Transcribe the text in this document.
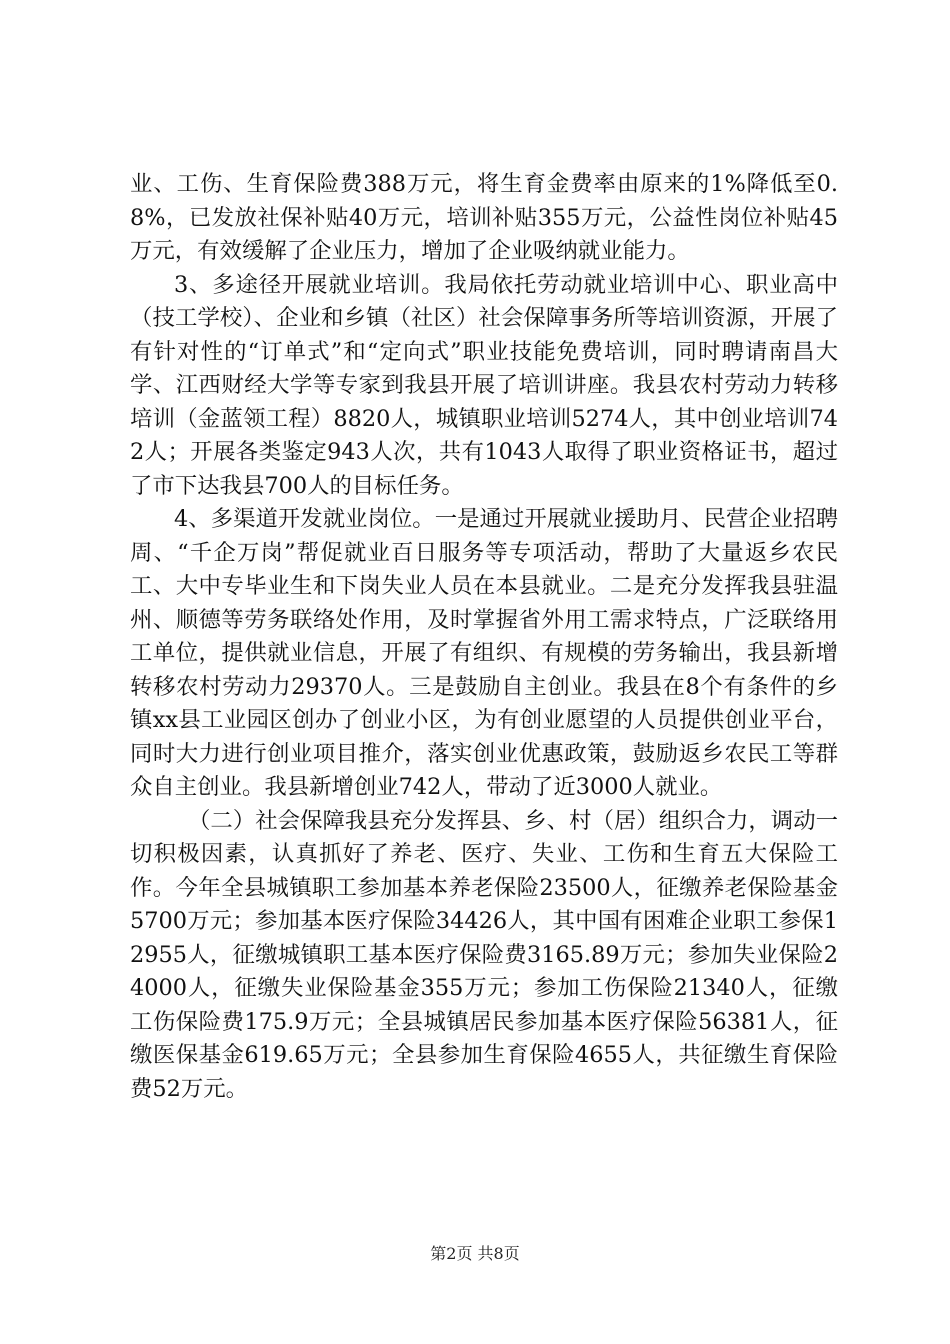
业、工伤、生育保险费388万元，将生育金费率由原来的1%降低至0.8%，已发放社保补贴40万元，培训补贴355万元，公益性岗位补贴45万元，有效缓解了企业压力，增加了企业吸纳就业能力。

3、多途径开展就业培训。我局依托劳动就业培训中心、职业高中（技工学校）、企业和乡镇（社区）社会保障事务所等培训资源，开展了有针对性的“订单式”和“定向式”职业技能免费培训，同时聘请南昌大学、江西财经大学等专家到我县开展了培训讲座。我县农村劳动力转移培训（金蓝领工程）8820人，城镇职业培训5274人，其中创业培训742人；开展各类鉴定943人次，共有1043人取得了职业资格证书，超过了市下达我县700人的目标任务。

4、多渠道开发就业岗位。一是通过开展就业援助月、民营企业招聘周、“千企万岗”帮促就业百日服务等专项活动，帮助了大量返乡农民工、大中专毕业生和下岗失业人员在本县就业。二是充分发挥我县驻温州、顺德等劳务联络处作用，及时掌握省外用工需求特点，广泛联络用工单位，提供就业信息，开展了有组织、有规模的劳务输出，我县新增转移农村劳动力29370人。三是鼓励自主创业。我县在8个有条件的乡镇xx县工业园区创办了创业小区，为有创业愿望的人员提供创业平台，同时大力进行创业项目推介，落实创业优惠政策，鼓励返乡农民工等群众自主创业。我县新增创业742人，带动了近3000人就业。

（二）社会保障我县充分发挥县、乡、村（居）组织合力，调动一切积极因素，认真抓好了养老、医疗、失业、工伤和生育五大保险工作。今年全县城镇职工参加基本养老保险23500人，征缴养老保险基金5700万元；参加基本医疗保险34426人，其中国有困难企业职工参保12955人，征缴城镇职工基本医疗保险费3165.89万元；参加失业保险24000人，征缴失业保险基金355万元；参加工伤保险21340人，征缴工伤保险费175.9万元；全县城镇居民参加基本医疗保险56381人，征缴医保基金619.65万元；全县参加生育保险4655人，共征缴生育保险费52万元。

第2页 共8页
